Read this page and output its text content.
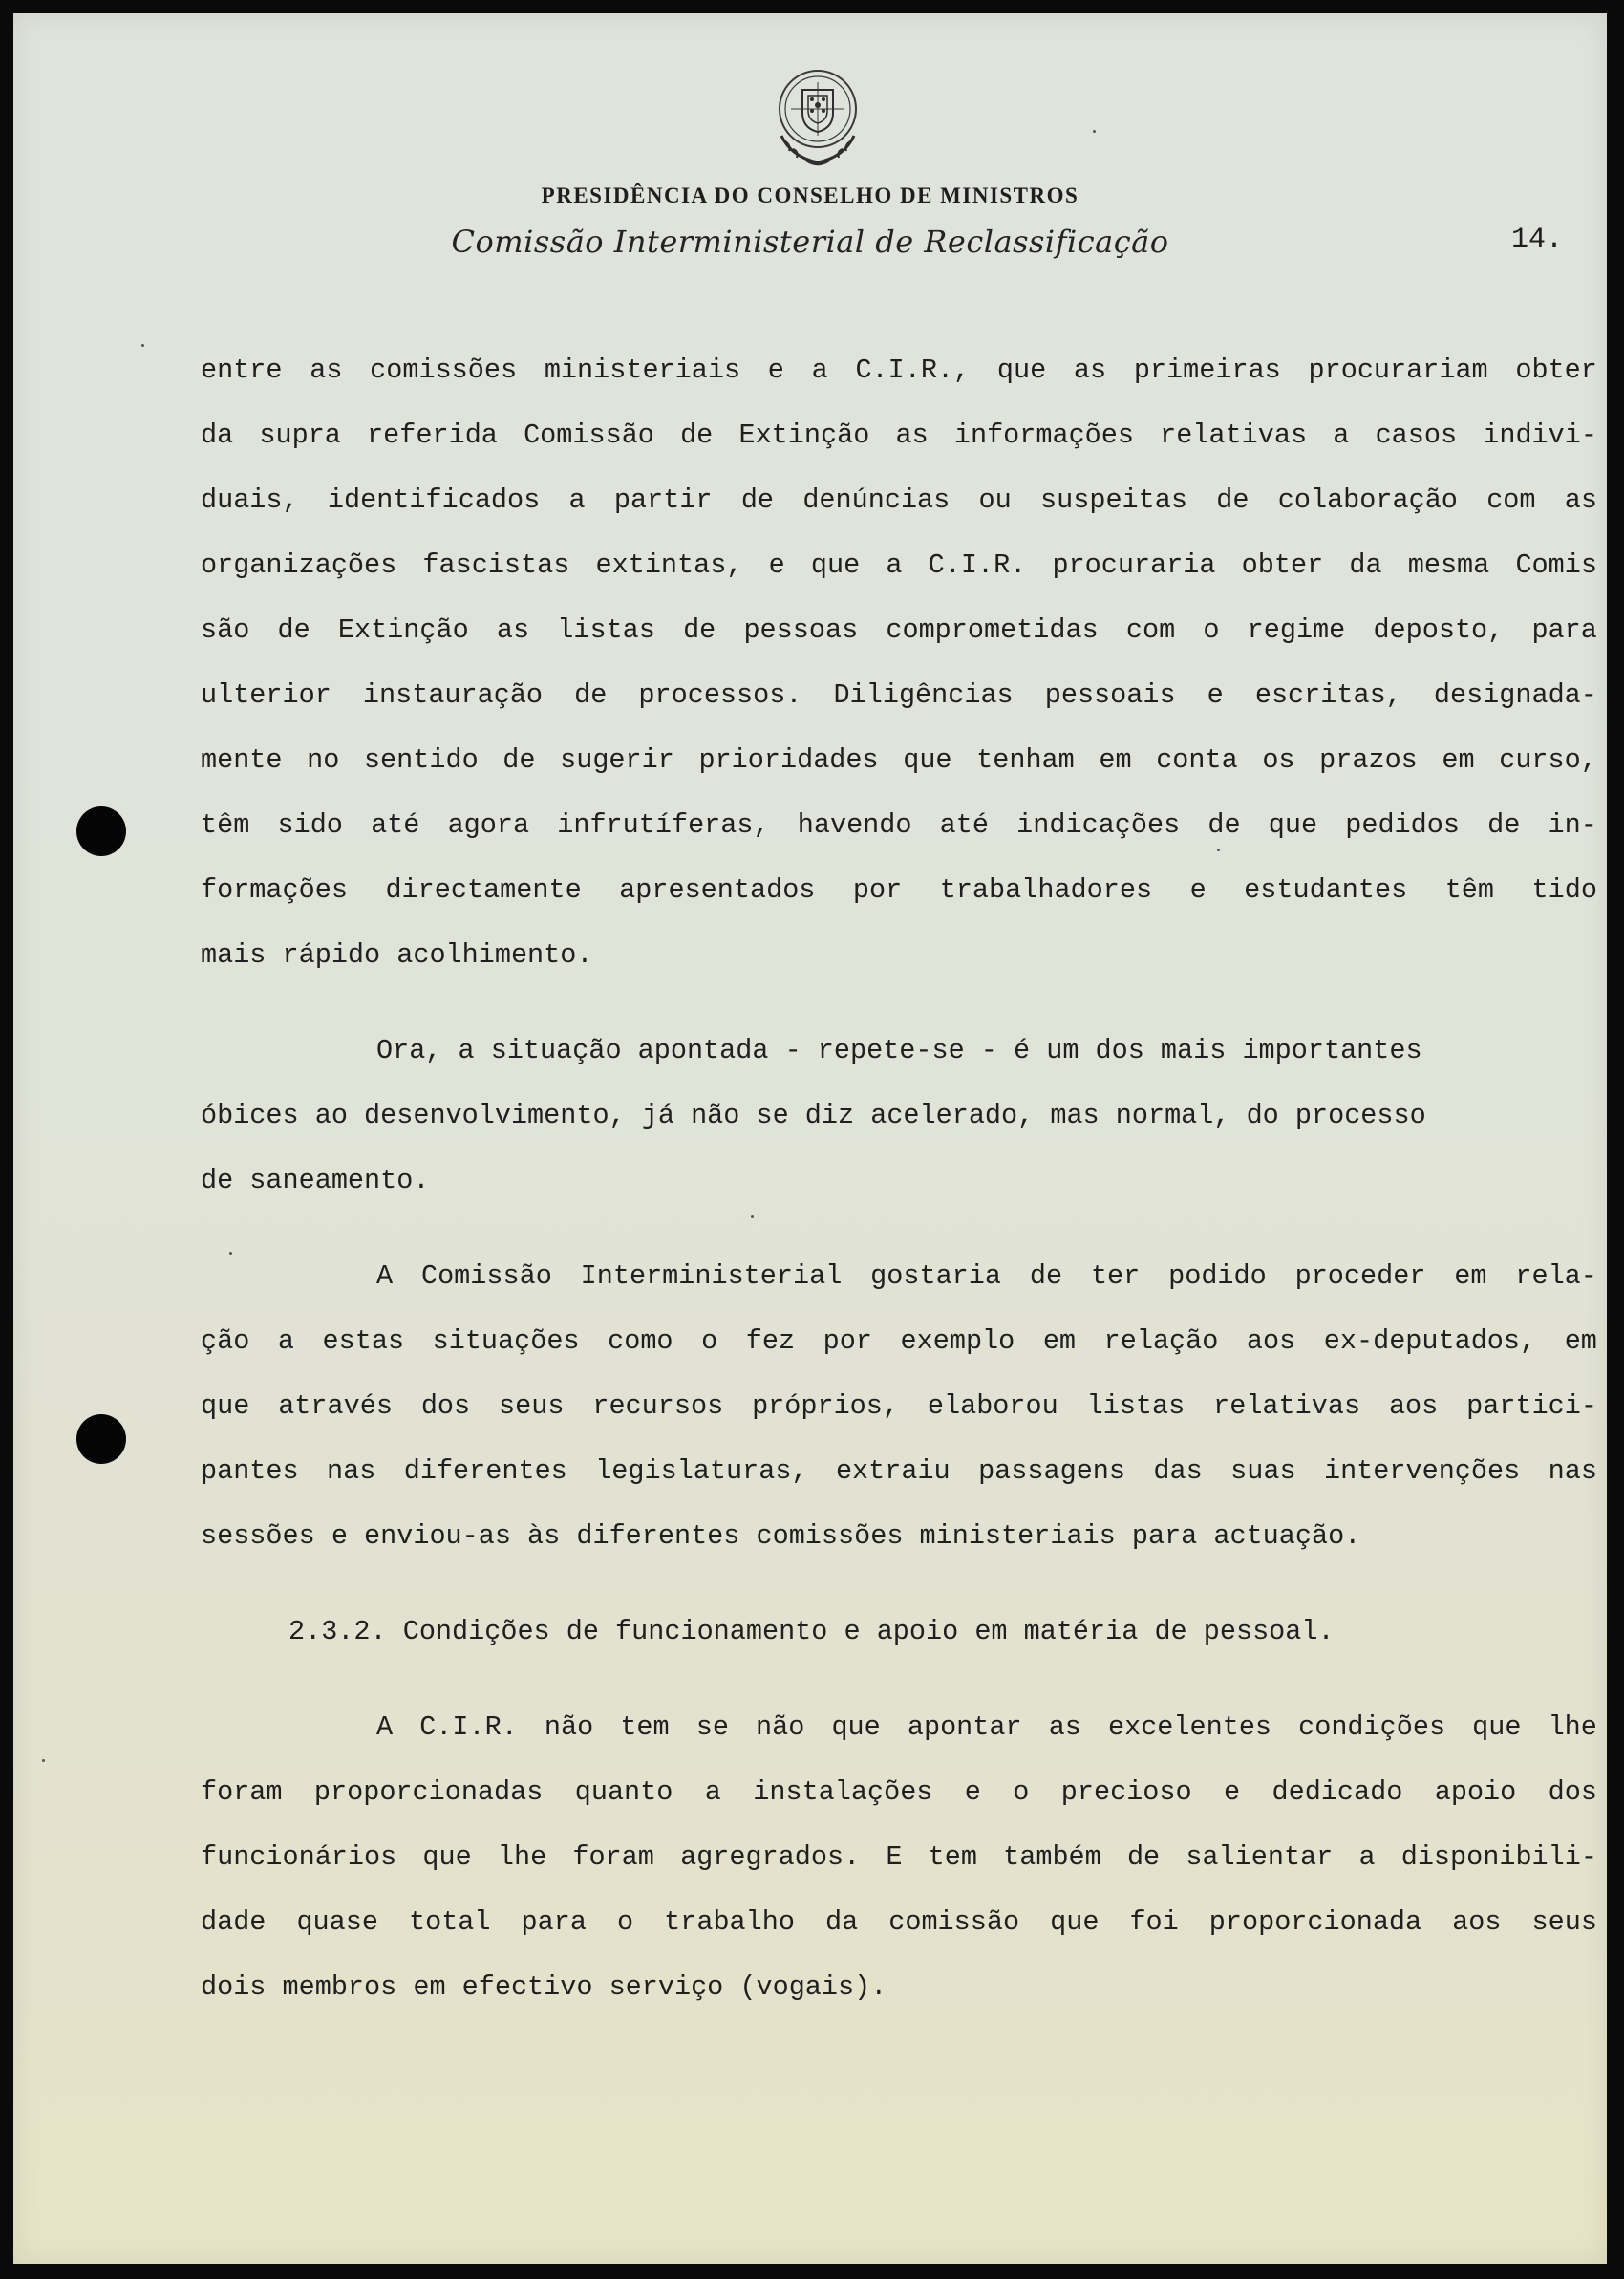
PRESIDÊNCIA DO CONSELHO DE MINISTROS
Comissão Interministerial de Reclassificação	14.
entre as comissões ministeriais e a C.I.R., que as primeiras procurariam obter
da supra referida Comissão de Extinção as informações relativas a casos indivi-
duais, identificados a partir de denúncias ou suspeitas de colaboração com as
organizações fascistas extintas, e que a C.I.R. procuraria obter da mesma Comis
são de Extinção as listas de pessoas comprometidas com o regime deposto, para
ulterior instauração de processos. Diligências pessoais e escritas, designada-
mente no sentido de sugerir prioridades que tenham em conta os prazos em curso,
têm sido até agora infrutíferas, havendo até indicações de que pedidos de in-
formações directamente apresentados por trabalhadores e estudantes têm tido
mais rápido acolhimento.
Ora, a situação apontada - repete-se - é um dos mais importantes
óbices ao desenvolvimento, já não se diz acelerado, mas normal, do processo
de saneamento.
A Comissão Interministerial gostaria de ter podido proceder em rela-
ção a estas situações como o fez por exemplo em relação aos ex-deputados, em
que através dos seus recursos próprios, elaborou listas relativas aos partici-
pantes nas diferentes legislaturas, extraiu passagens das suas intervenções nas
sessões e enviou-as às diferentes comissões ministeriais para actuação.
2.3.2. Condições de funcionamento e apoio em matéria de pessoal.
A C.I.R. não tem se não que apontar as excelentes condições que lhe
foram proporcionadas quanto a instalações e o precioso e dedicado apoio dos
funcionários que lhe foram agregrados. E tem também de salientar a disponibili-
dade quase total para o trabalho da comissão que foi proporcionada aos seus
dois membros em efectivo serviço (vogais).
